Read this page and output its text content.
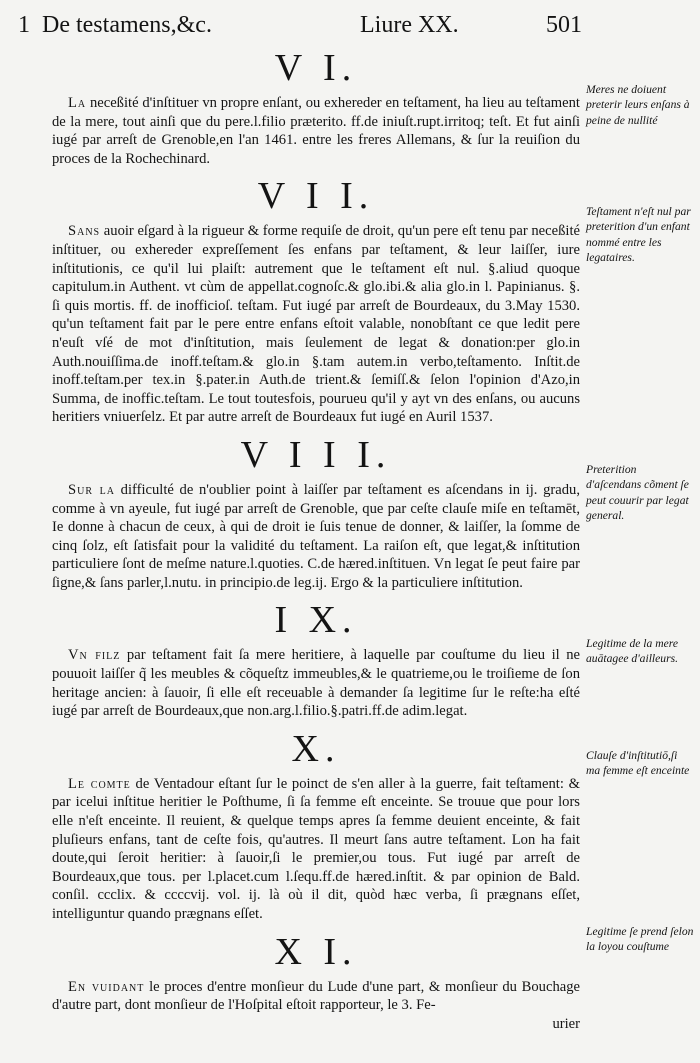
1 De testamens,&c.	Liure XX.	501
V I.

La neceßité d'inſtituer vn propre enſant, ou exhereder en teſtament, ha lieu au teſtament de la mere, tout ainſi que du pere.l.filio præterito. ff.de iniuſt.rupt.irritoq; teſt. Et fut ainſi iugé par arreſt de Grenoble,en l'an 1461. entre les freres Allemans, & ſur la reuiſion du proces de la Rochechinard.

V I I.

Sans auoir eſgard à la rigueur & forme requiſe de droit, qu'un pere eſt tenu par neceßité inſtituer, ou exhereder expreſſement ſes enfans par teſtament, & leur laiſſer, iure inſtitutionis, ce qu'il lui plaiſt: autrement que le teſtament eſt nul. §.aliud quoque capitulum.in Authent. vt cùm de appellat.cognoſc.& glo.ibi.& alia glo.in l. Papinianus. §. ſi quis mortis. ff. de inofficioſ. teſtam. Fut iugé par arreſt de Bourdeaux, du 3.May 1530. qu'un teſtament fait par le pere entre enfans eſtoit valable, nonobſtant ce que ledit pere n'euſt vſé de mot d'inſtitution, mais ſeulement de legat & donation:per glo.in Auth.nouiſſima.de inoff.teſtam.& glo.in §.tam autem.in verbo,teſtamento. Inſtit.de inoff.teſtam.per tex.in §.pater.in Auth.de trient.& ſemiſſ.& ſelon l'opinion d'Azo,in Summa, de inoffic.teſtam. Le tout toutesfois, pourueu qu'il y ayt vn des enſans, ou aucuns heritiers vniuerſelz. Et par autre arreſt de Bourdeaux fut iugé en Auril 1537.

V I I I.

Sur la difficulté de n'oublier point à laiſſer par teſtament es aſcendans in ij. gradu, comme à vn ayeule, fut iugé par arreſt de Grenoble, que par ceſte clauſe miſe en teſtamēt, Ie donne à chacun de ceux, à qui de droit ie ſuis tenue de donner, & laiſſer, la ſomme de cinq ſolz, eſt ſatisfait pour la validité du teſtament. La raiſon eſt, que legat,& inſtitution particuliere ſont de meſme nature.l.quoties. C.de hæred.inſtituen. Vn legat ſe peut faire par ſigne,& ſans parler,l.nutu. in principio.de leg.ij. Ergo & la particuliere inſtitution.

I X.

Vn filz par teſtament fait ſa mere heritiere, à laquelle par couſtume du lieu il ne pouuoit laiſſer q̃ les meubles & cõqueſtz immeubles,& le quatrieme,ou le troiſieme de ſon heritage ancien: à ſauoir, ſi elle eſt receuable à demander ſa legitime ſur le reſte:ha eſté iugé par arreſt de Bourdeaux,que non.arg.l.filio.§.patri.ff.de adim.legat.

X.

Le comte de Ventadour eſtant ſur le poinct de s'en aller à la guerre, fait teſtament: & par icelui inſtitue heritier le Poſthume, ſi ſa femme eſt enceinte. Se trouue que pour lors elle n'eſt enceinte. Il reuient, & quelque temps apres ſa femme deuient enceinte, & fait pluſieurs enfans, tant de ceſte fois, qu'autres. Il meurt ſans autre teſtament. Lon ha fait doute,qui ſeroit heritier: à ſauoir,ſi le premier,ou tous. Fut iugé par arreſt de Bourdeaux,que tous. per l.placet.cum l.ſequ.ff.de hæred.inſtit. & par opinion de Bald. conſil. ccclix. & ccccvij. vol. ij. là où il dit, quòd hæc verba, ſi prægnans eſſet, intelliguntur quando prægnans eſſet.

X I.

En vuidant le proces d'entre monſieur du Lude d'une part, & monſieur du Bouchage d'autre part, dont monſieur de l'Hoſpital eſtoit rapporteur, le 3. Fe-
urier

Meres ne doiuent preterir leurs enſans à peine de nullité
Teſtament n'eſt nul par preterition d'un enfant nommé entre les legataires.
Preterition d'aſcendans cõment ſe peut couurir par legat general.
Legitime de la mere auātagee d'ailleurs.
Clauſe d'inſtitutiō,ſi ma femme eſt enceinte
Legitime ſe prend ſelon la loyou couſtume
